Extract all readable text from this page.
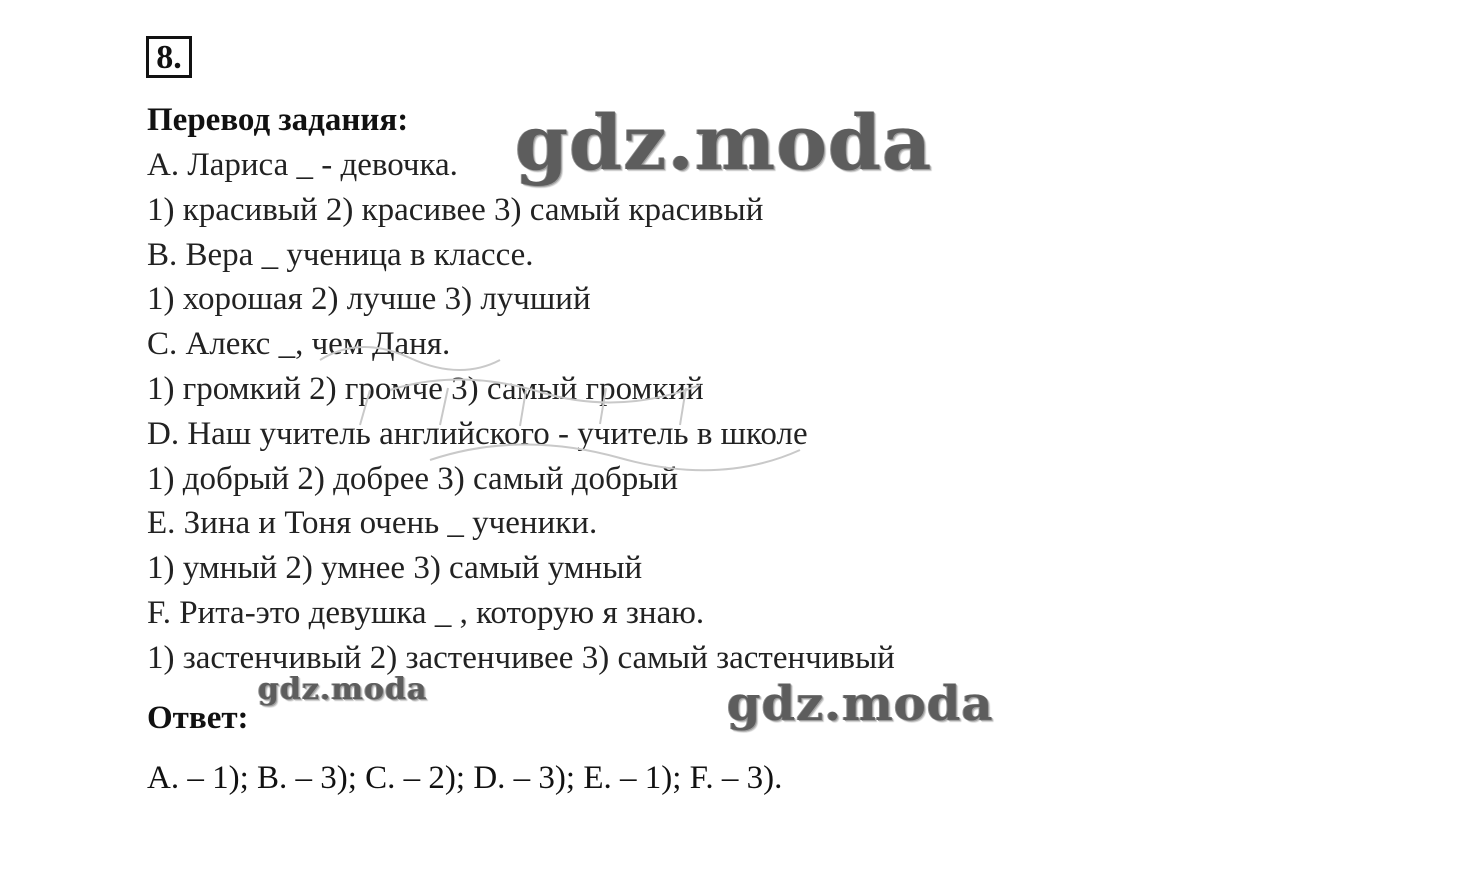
8.
Перевод задания:
A. Лариса _ - девочка.
1) красивый 2) красивее 3) самый красивый
B. Вера _ ученица в классе.
1) хорошая 2) лучше 3) лучший
C. Алекс _, чем Даня.
1) громкий 2) громче 3) самый громкий
D. Наш учитель английского - учитель в школе
1) добрый 2) добрее 3) самый добрый
E. Зина и Тоня очень _ ученики.
1) умный 2) умнее 3) самый умный
F. Рита-это девушка _ , которую я знаю.
1) застенчивый 2) застенчивее 3) самый застенчивый
Ответ:
A. – 1); B. – 3); C. – 2); D. – 3); E. – 1); F. – 3).
gdz.moda
gdz.moda	gdz.moda
